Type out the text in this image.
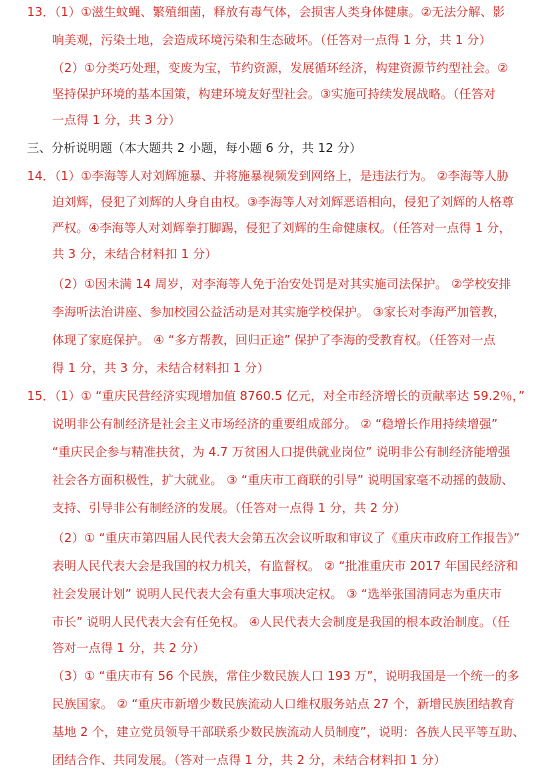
13．（1）①滋生蚊蝇、繁殖细菌，释放有毒气体，会损害人类身体健康。②无法分解、影
响美观，污染土地，会造成环境污染和生态破坏。（任答对一点得 1 分，共 1 分）
（2）①分类巧处理，变废为宝，节约资源，发展循环经济，构建资源节约型社会。②
坚持保护环境的基本国策，构建环境友好型社会。③实施可持续发展战略。（任答对
一点得 1 分，共 3 分）
三、分析说明题（本大题共 2 小题，每小题 6 分，共 12 分）
14．（1）①李海等人对刘辉施暴、并将施暴视频发到网络上，是违法行为。 ②李海等人胁
迫刘辉，侵犯了刘辉的人身自由权。③李海等人对刘辉恶语相向，侵犯了刘辉的人格尊
严权。④李海等人对刘辉拳打脚踢，侵犯了刘辉的生命健康权。（任答对一点得 1 分，
共 3 分，未结合材料扣 1 分）
（2）①因未满 14 周岁，对李海等人免于治安处罚是对其实施司法保护。 ②学校安排
李海听法治讲座、参加校园公益活动是对其实施学校保护。 ③家长对李海严加管教，
体现了家庭保护。 ④ “多方帮教，回归正途” 保护了李海的受教育权。（任答对一点
得 1 分，共 3 分，未结合材料扣 1 分）
15．（1）① “重庆民营经济实现增加值 8760.5 亿元，对全市经济增长的贡献率达 59.2％，”
说明非公有制经济是社会主义市场经济的重要组成部分。 ② “稳增长作用持续增强”
“重庆民企参与精准扶贫，为 4.7 万贫困人口提供就业岗位” 说明非公有制经济能增强
社会各方面积极性，扩大就业。 ③ “重庆市工商联的引导” 说明国家毫不动摇的鼓励、
支持、引导非公有制经济的发展。（任答对一点得 1 分，共 2 分）
（2）① “重庆市第四届人民代表大会第五次会议听取和审议了《重庆市政府工作报告》”
表明人民代表大会是我国的权力机关，有监督权。 ② “批准重庆市 2017 年国民经济和
社会发展计划” 说明人民代表大会有重大事项决定权。 ③ “选举张国清同志为重庆市
市长” 说明人民代表大会有任免权。 ④人民代表大会制度是我国的根本政治制度。（任
答对一点得 1 分，共 2 分）
（3）① “重庆市有 56 个民族，常住少数民族人口 193 万”，说明我国是一个统一的多
民族国家。 ② “重庆市新增少数民族流动人口维权服务站点 27 个，新增民族团结教育
基地 2 个，建立党员领导干部联系少数民族流动人员制度”，说明：各族人民平等互助、
团结合作、共同发展。（答对一点得 1 分，共 2 分，未结合材料扣 1 分）
